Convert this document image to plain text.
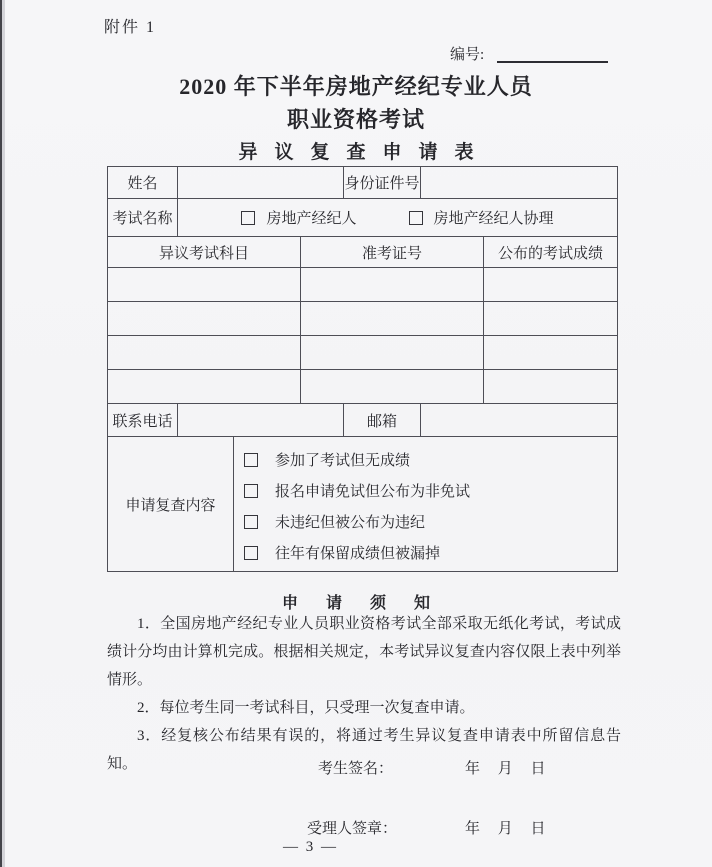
附件 1
编号:
2020 年下半年房地产经纪专业人员
职业资格考试
异议复查申请表
姓名				身份证件号		
考试名称	房地产经纪人 房地产经纪人协理					

异议考试科目			准考证号			公布的考试成绩

联系电话				邮箱		
申请复查内容		参加了考试但无成绩
报名申请免试但公布为非免试
未违纪但被公布为违纪
往年有保留成绩但被漏掉				
申请须知

1．全国房地产经纪专业人员职业资格考试全部采取无纸化考试，考试成绩计分均由计算机完成。根据相关规定，本考试异议复查内容仅限上表中列举情形。

2．每位考生同一考试科目，只受理一次复查申请。

3．经复核公布结果有误的，将通过考生异议复查申请表中所留信息告知。	考生签名：	年 月 日
受理人签章：	年 月 日
— 3 —
